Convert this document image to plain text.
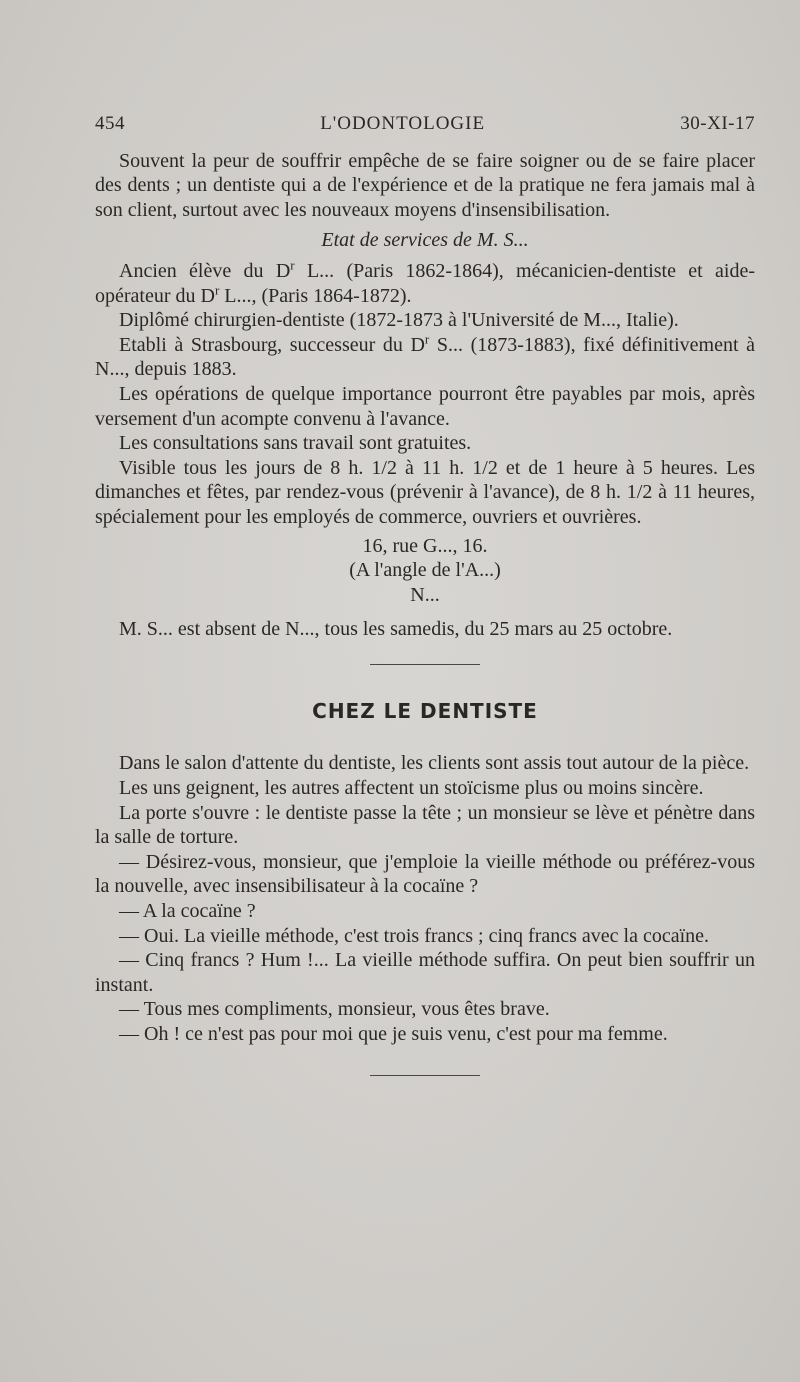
454	L'ODONTOLOGIE	30-XI-17

Souvent la peur de souffrir empêche de se faire soigner ou de se faire placer des dents ; un dentiste qui a de l'expérience et de la pratique ne fera jamais mal à son client, surtout avec les nouveaux moyens d'insensibilisation.

Etat de services de M. S...

Ancien élève du $D^r$ L... (Paris 1862-1864), mécanicien-dentiste et aide-opérateur du $D^r$ L..., (Paris 1864-1872).

Diplômé chirurgien-dentiste (1872-1873 à l'Université de M..., Italie).

Etabli à Strasbourg, successeur du $D^r$ S... (1873-1883), fixé définitivement à N..., depuis 1883.

Les opérations de quelque importance pourront être payables par mois, après versement d'un acompte convenu à l'avance.

Les consultations sans travail sont gratuites.

Visible tous les jours de 8 h. 1/2 à 11 h. 1/2 et de 1 heure à 5 heures. Les dimanches et fêtes, par rendez-vous (prévenir à l'avance), de 8 h. 1/2 à 11 heures, spécialement pour les employés de commerce, ouvriers et ouvrières.

16, rue G..., 16.
(A l'angle de l'A...)
N...

M. S... est absent de N..., tous les samedis, du 25 mars au 25 octobre.

CHEZ LE DENTISTE

Dans le salon d'attente du dentiste, les clients sont assis tout autour de la pièce.

Les uns geignent, les autres affectent un stoïcisme plus ou moins sincère.

La porte s'ouvre : le dentiste passe la tête ; un monsieur se lève et pénètre dans la salle de torture.

— Désirez-vous, monsieur, que j'emploie la vieille méthode ou préférez-vous la nouvelle, avec insensibilisateur à la cocaïne ?

— A la cocaïne ?

— Oui. La vieille méthode, c'est trois francs ; cinq francs avec la cocaïne.

— Cinq francs ? Hum !... La vieille méthode suffira. On peut bien souffrir un instant.

— Tous mes compliments, monsieur, vous êtes brave.

— Oh ! ce n'est pas pour moi que je suis venu, c'est pour ma femme.
